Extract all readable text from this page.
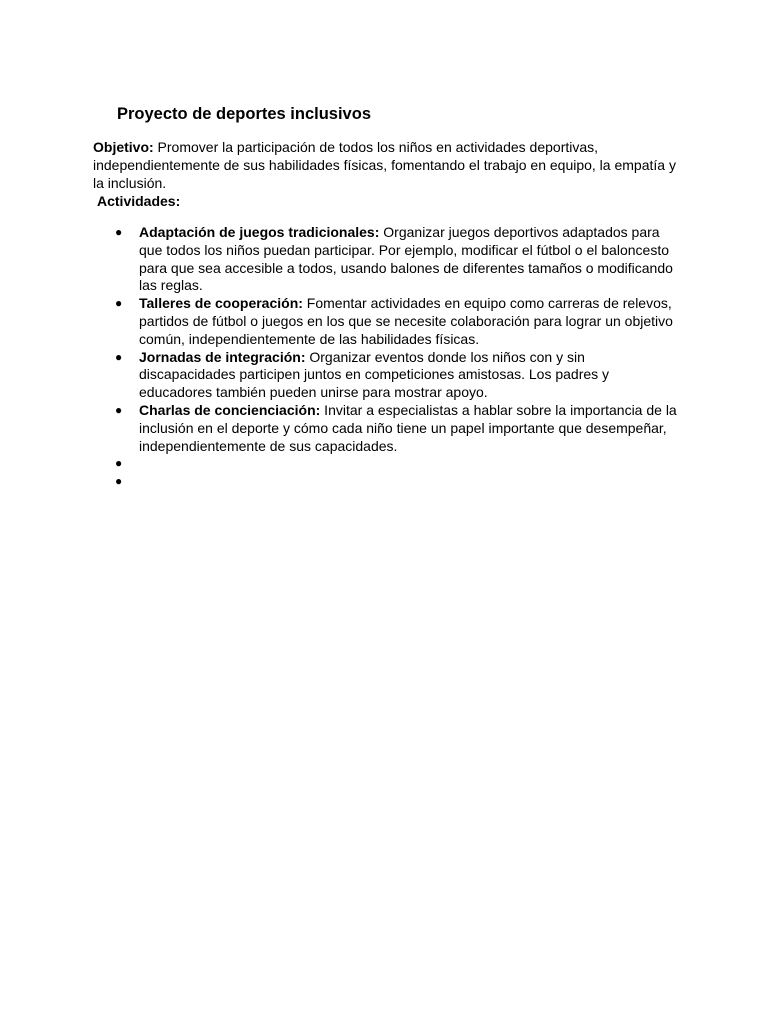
Proyecto de deportes inclusivos

Objetivo: Promover la participación de todos los niños en actividades deportivas, independientemente de sus habilidades físicas, fomentando el trabajo en equipo, la empatía y la inclusión.

Actividades:
● Adaptación de juegos tradicionales: Organizar juegos deportivos adaptados para que todos los niños puedan participar. Por ejemplo, modificar el fútbol o el baloncesto para que sea accesible a todos, usando balones de diferentes tamaños o modificando las reglas.
● Talleres de cooperación: Fomentar actividades en equipo como carreras de relevos, partidos de fútbol o juegos en los que se necesite colaboración para lograr un objetivo común, independientemente de las habilidades físicas.
● Jornadas de integración: Organizar eventos donde los niños con y sin discapacidades participen juntos en competiciones amistosas. Los padres y educadores también pueden unirse para mostrar apoyo.
● Charlas de concienciación: Invitar a especialistas a hablar sobre la importancia de la inclusión en el deporte y cómo cada niño tiene un papel importante que desempeñar, independientemente de sus capacidades.
●
●
